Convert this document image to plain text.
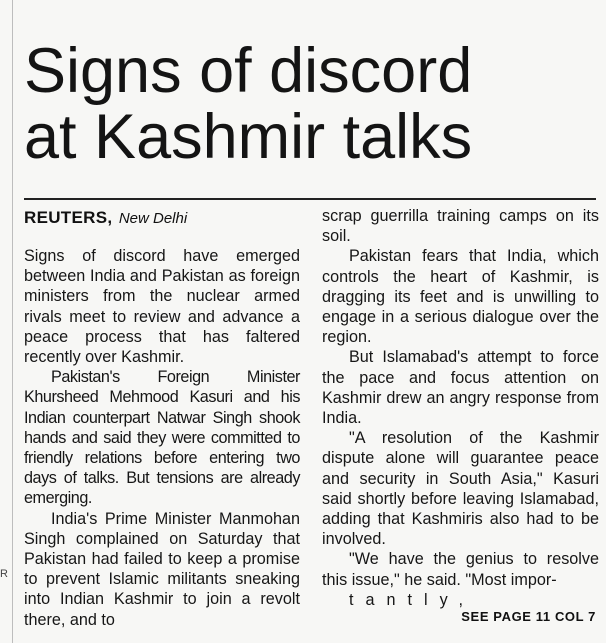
R
Signs of discord
at Kashmir talks
REUTERS, New Delhi

Signs of discord have emerged between India and Pakistan as foreign ministers from the nuclear armed rivals meet to review and advance a peace process that has faltered recently over Kashmir.

Pakistan's Foreign Minister Khursheed Mehmood Kasuri and his Indian counterpart Natwar Singh shook hands and said they were committed to friendly relations before entering two days of talks. But tensions are already emerging.

India's Prime Minister Manmohan Singh complained on Saturday that Pakistan had failed to keep a promise to prevent Islamic militants sneaking into Indian Kashmir to join a revolt there, and to

scrap guerrilla training camps on its soil.

Pakistan fears that India, which controls the heart of Kashmir, is dragging its feet and is unwilling to engage in a serious dialogue over the region.

But Islamabad's attempt to force the pace and focus attention on Kashmir drew an angry response from India.

"A resolution of the Kashmir dispute alone will guarantee peace and security in South Asia," Kasuri said shortly before leaving Islamabad, adding that Kashmiris also had to be involved.

"We have the genius to resolve this issue," he said. "Most impor-
tantly,

SEE PAGE 11 COL 7
